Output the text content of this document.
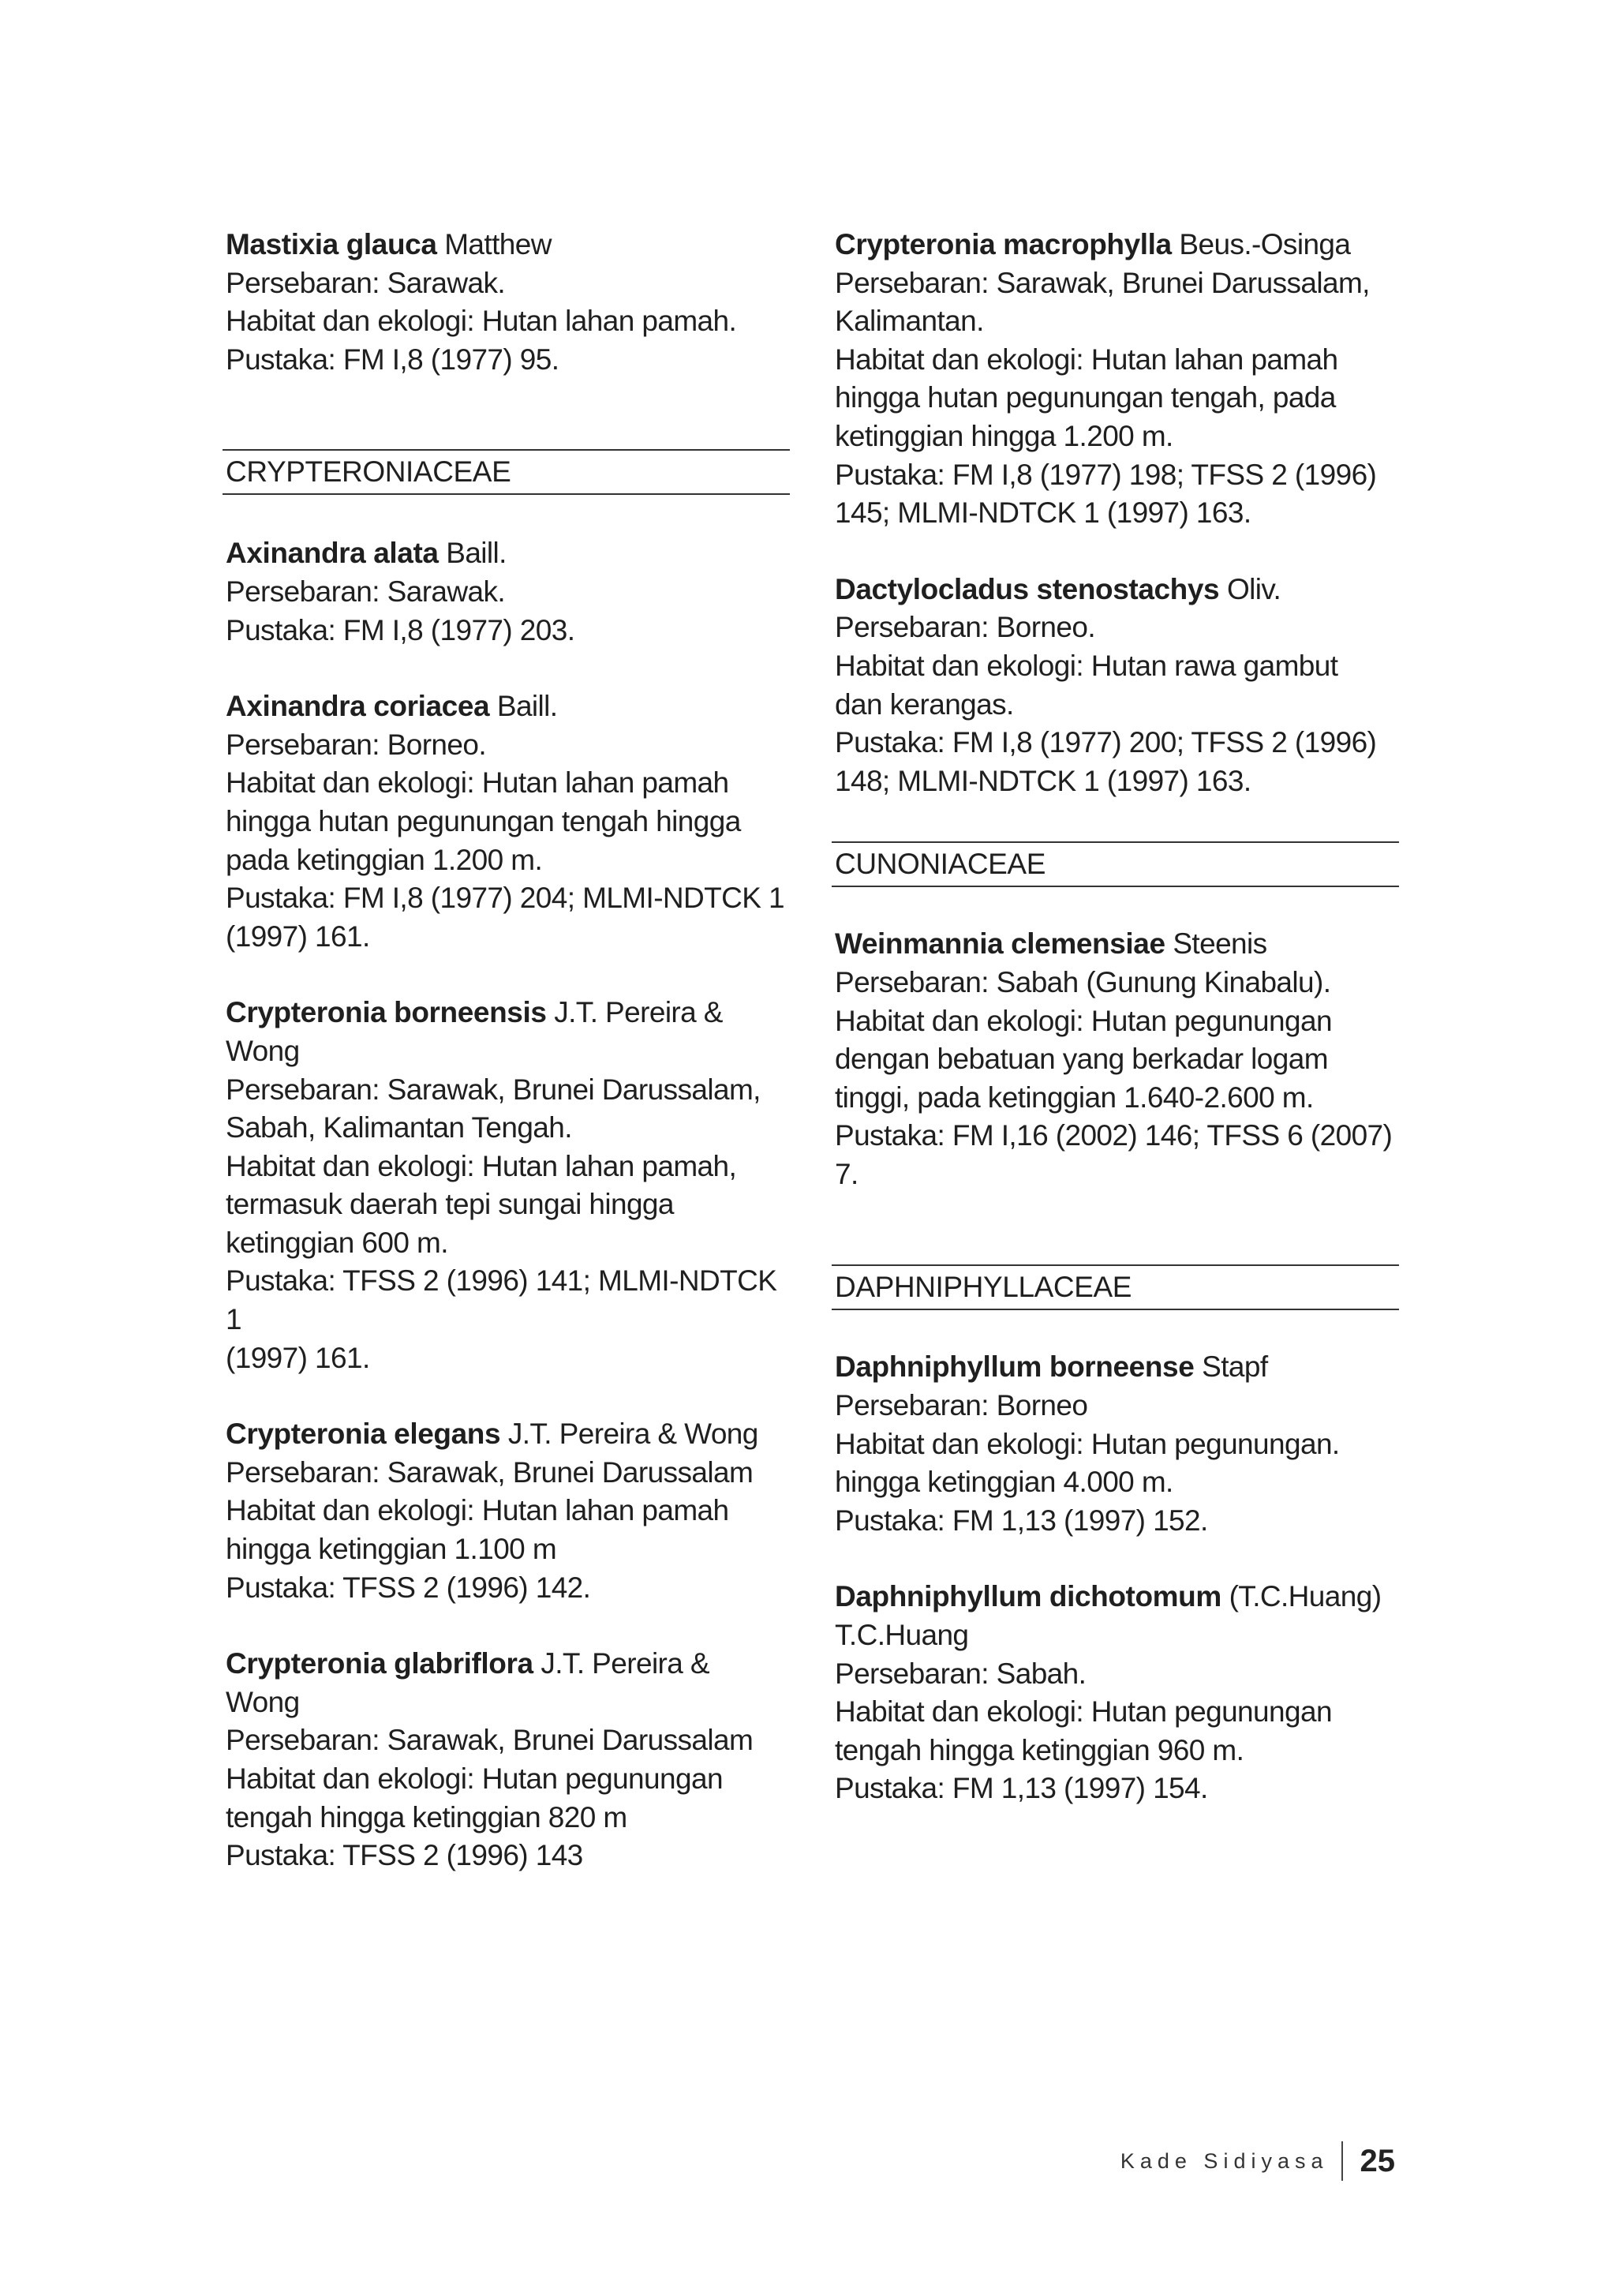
Mastixia glauca Matthew

Persebaran: Sarawak.

Habitat dan ekologi: Hutan lahan pamah.

Pustaka: FM I,8 (1977) 95.

CRYPTERONIACEAE

Axinandra alata Baill.

Persebaran: Sarawak.

Pustaka: FM I,8 (1977) 203.

Axinandra coriacea Baill.

Persebaran: Borneo.

Habitat dan ekologi: Hutan lahan pamah

hingga hutan pegunungan tengah hingga

pada ketinggian 1.200 m.

Pustaka: FM I,8 (1977) 204; MLMI-NDTCK 1

(1997) 161.

Crypteronia borneensis J.T. Pereira &

Wong

Persebaran: Sarawak, Brunei Darussalam,

Sabah, Kalimantan Tengah.

Habitat dan ekologi: Hutan lahan pamah,

termasuk daerah tepi sungai hingga

ketinggian 600 m.

Pustaka: TFSS 2 (1996) 141; MLMI-NDTCK 1

(1997) 161.

Crypteronia elegans J.T. Pereira & Wong

Persebaran: Sarawak, Brunei Darussalam

Habitat dan ekologi: Hutan lahan pamah

hingga ketinggian 1.100 m

Pustaka: TFSS 2 (1996) 142.

Crypteronia glabriflora J.T. Pereira &

Wong

Persebaran: Sarawak, Brunei Darussalam

Habitat dan ekologi: Hutan pegunungan

tengah hingga ketinggian 820 m

Pustaka: TFSS 2 (1996) 143

Crypteronia macrophylla Beus.-Osinga

Persebaran: Sarawak, Brunei Darussalam,

Kalimantan.

Habitat dan ekologi: Hutan lahan pamah

hingga hutan pegunungan tengah, pada

ketinggian hingga 1.200 m.

Pustaka: FM I,8 (1977) 198; TFSS 2 (1996)

145; MLMI-NDTCK 1 (1997) 163.

Dactylocladus stenostachys Oliv.

Persebaran: Borneo.

Habitat dan ekologi: Hutan rawa gambut

dan kerangas.

Pustaka: FM I,8 (1977) 200; TFSS 2 (1996)

148; MLMI-NDTCK 1 (1997) 163.

CUNONIACEAE

Weinmannia clemensiae Steenis

Persebaran: Sabah (Gunung Kinabalu).

Habitat dan ekologi: Hutan pegunungan

dengan bebatuan yang berkadar logam

tinggi, pada ketinggian 1.640-2.600 m.

Pustaka: FM I,16 (2002) 146; TFSS 6 (2007) 7.

DAPHNIPHYLLACEAE

Daphniphyllum borneense Stapf

Persebaran: Borneo

Habitat dan ekologi: Hutan pegunungan.

hingga ketinggian 4.000 m.

Pustaka: FM 1,13 (1997) 152.

Daphniphyllum dichotomum (T.C.Huang)

T.C.Huang

Persebaran: Sabah.

Habitat dan ekologi: Hutan pegunungan

tengah hingga ketinggian 960 m.

Pustaka: FM 1,13 (1997) 154.

Kade Sidiyasa 25
